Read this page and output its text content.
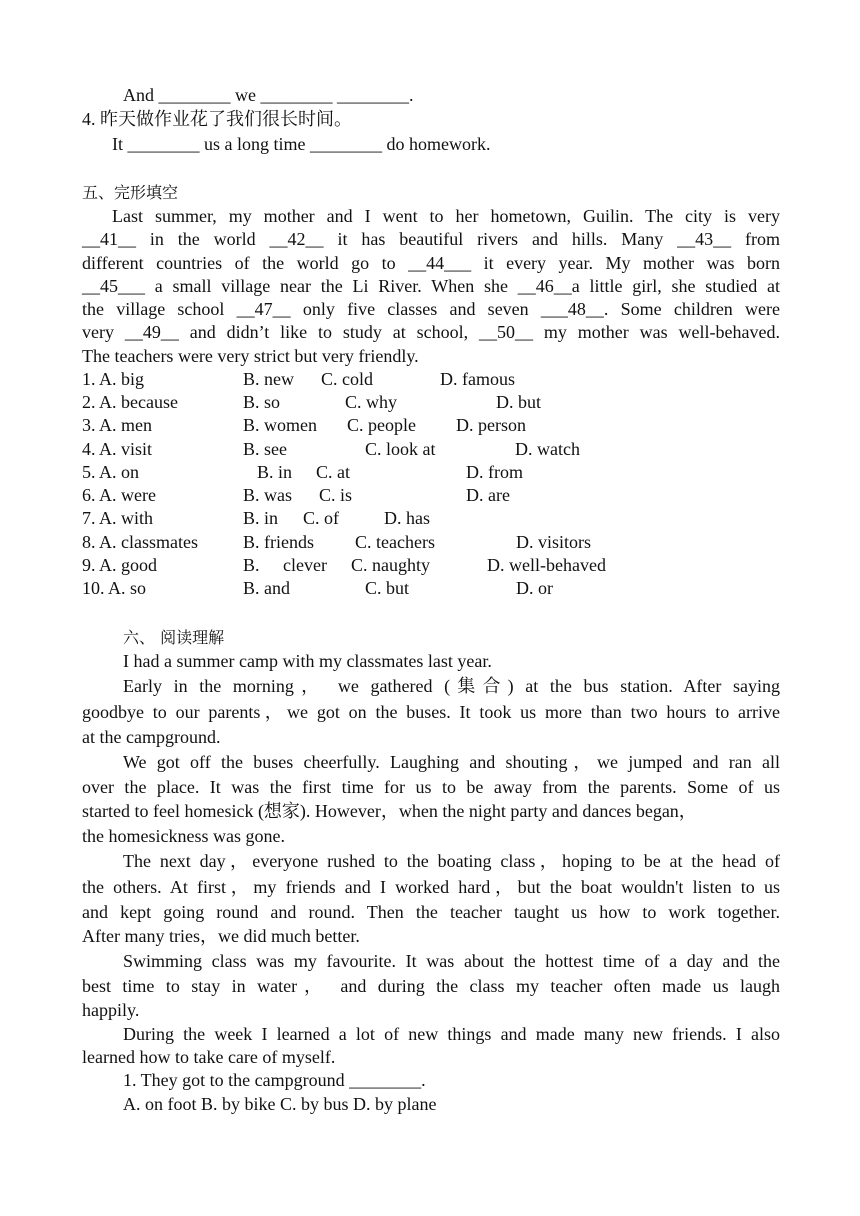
And ________ we ________ ________.
4. 昨天做作业花了我们很长时间。
It ________ us a long time ________ do homework.
五、完形填空
Last summer, my mother and I went to her hometown, Guilin. The city is very
__41__ in the world __42__ it has beautiful rivers and hills. Many __43__ from
different countries of the world go to __44___ it every year. My mother was born
__45___ a small village near the Li River. When she __46__a little girl, she studied at
the village school __47__ only five classes and seven ___48__. Some children were
very __49__ and didn’t like to study at school, __50__ my mother was well-behaved.
The teachers were very strict but very friendly.
1. A. big	B. new C. cold	D. famous
2. A. because	B. so	C. why	D. but
3. A. men	B. women C. people D. person
4. A. visit	B. see	C. look at	D. watch
5. A. on	B. in C. at	D. from
6. A. were	B. was C. is	D. are
7. A. with	B. in C. of	D. has
8. A. classmates	B. friends C. teachers	D. visitors
9. A. good	B. clever C. naughty	D. well-behaved
10. A. so	B. and	C. but	D. or
六、 阅读理解
I had a summer camp with my classmates last year.
Early in the morning， we gathered (集合) at the bus station. After saying
goodbye to our parents，we got on the buses. It took us more than two hours to arrive
at the campground.
We got off the buses cheerfully. Laughing and shouting，we jumped and ran all
over the place. It was the first time for us to be away from the parents. Some of us
started to feel homesick (想家). However，when the night party and dances began，
the homesickness was gone.
The next day，everyone rushed to the boating class，hoping to be at the head of
the others. At first，my friends and I worked hard，but the boat wouldn't listen to us
and kept going round and round. Then the teacher taught us how to work together.
After many tries，we did much better.
Swimming class was my favourite. It was about the hottest time of a day and the
best time to stay in water， and during the class my teacher often made us laugh
happily.
During the week I learned a lot of new things and made many new friends. I also
learned how to take care of myself.
1. They got to the campground ________.
A. on foot B. by bike C. by bus D. by plane
